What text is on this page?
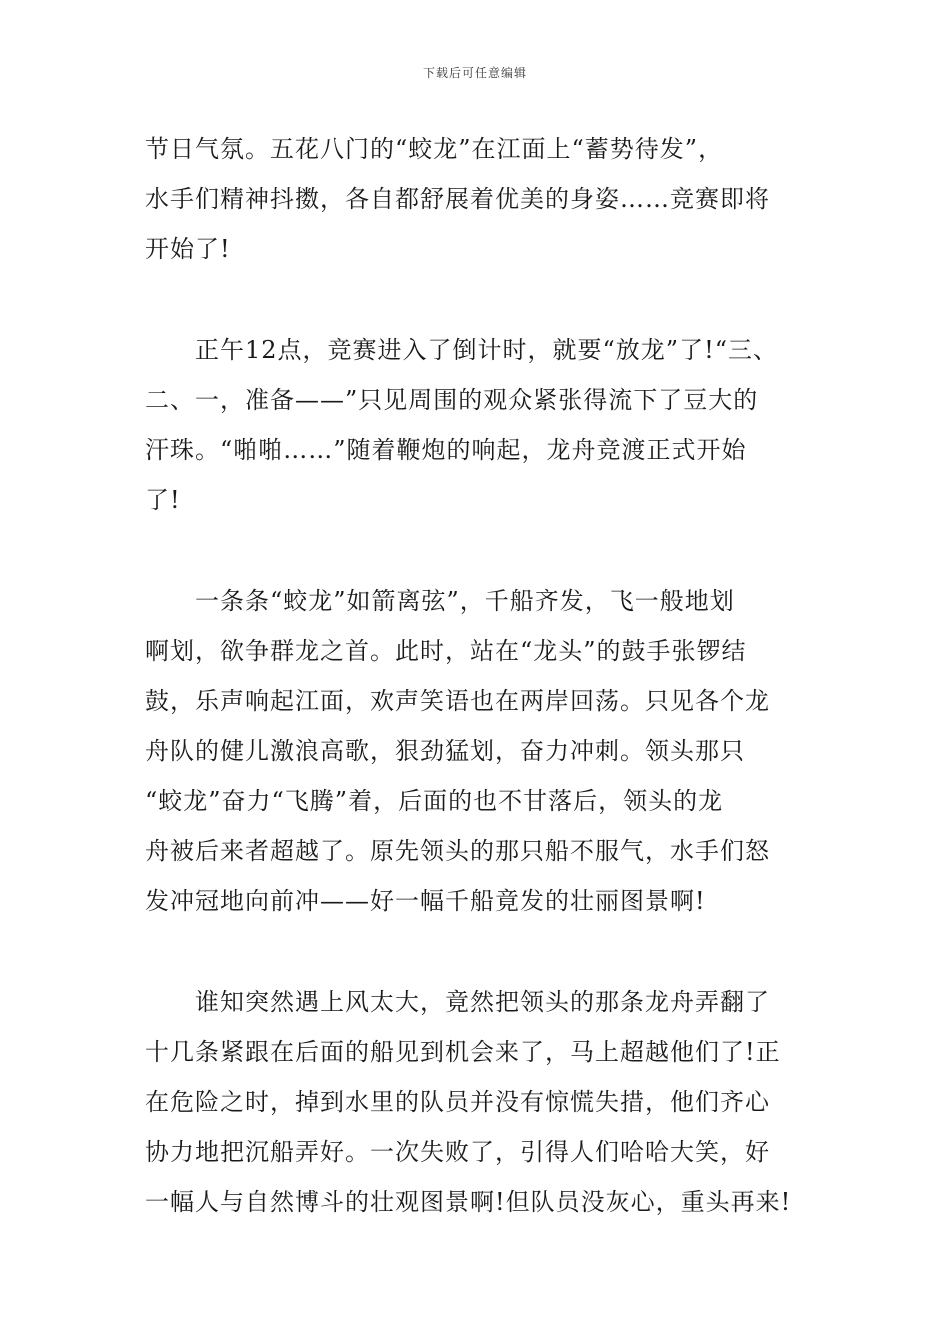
下载后可任意编辑
节日气氛。五花八门的“蛟龙”在江面上“蓄势待发”，
水手们精神抖擞，各自都舒展着优美的身姿……竞赛即将
开始了!
　　正午12点，竞赛进入了倒计时，就要“放龙”了!“三、
二、一，准备——”只见周围的观众紧张得流下了豆大的
汗珠。“啪啪……”随着鞭炮的响起，龙舟竞渡正式开始
了!
　　一条条“蛟龙”如箭离弦”，千船齐发，飞一般地划
啊划，欲争群龙之首。此时，站在“龙头”的鼓手张锣结
鼓，乐声响起江面，欢声笑语也在两岸回荡。只见各个龙
舟队的健儿激浪高歌，狠劲猛划，奋力冲刺。领头那只
“蛟龙”奋力“飞腾”着，后面的也不甘落后，领头的龙
舟被后来者超越了。原先领头的那只船不服气，水手们怒
发冲冠地向前冲——好一幅千船竟发的壮丽图景啊!
　　谁知突然遇上风太大，竟然把领头的那条龙舟弄翻了
十几条紧跟在后面的船见到机会来了，马上超越他们了!正
在危险之时，掉到水里的队员并没有惊慌失措，他们齐心
协力地把沉船弄好。一次失败了，引得人们哈哈大笑，好
一幅人与自然博斗的壮观图景啊!但队员没灰心，重头再来!
